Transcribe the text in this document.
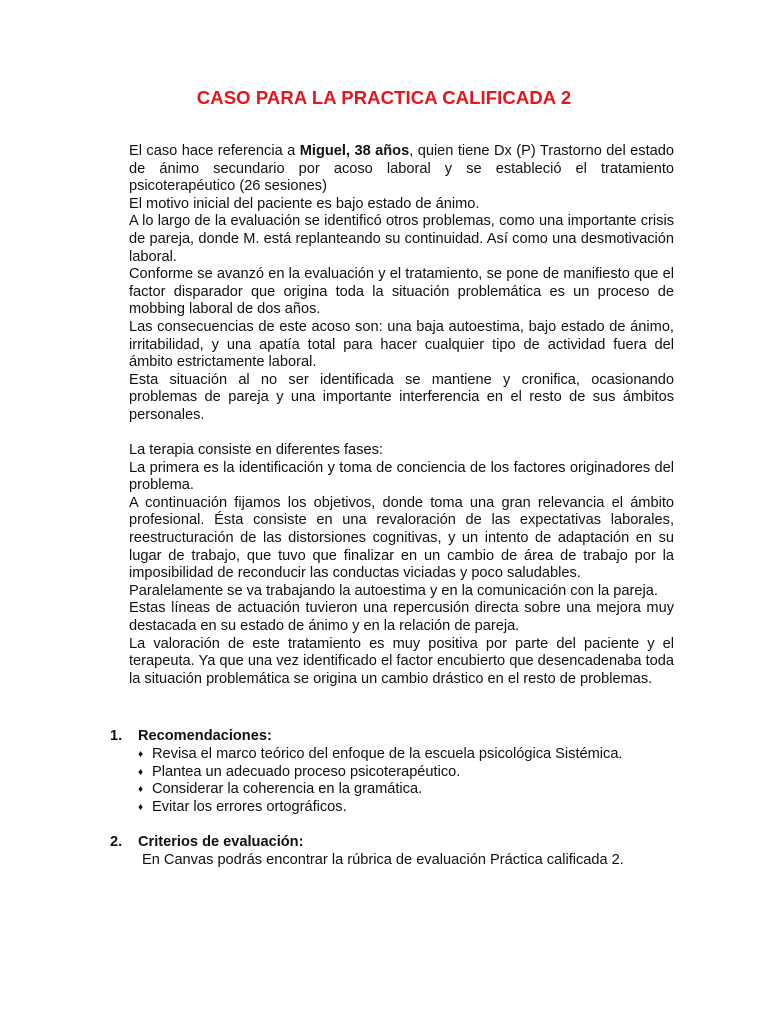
CASO PARA LA PRACTICA CALIFICADA 2

El caso hace referencia a Miguel, 38 años, quien tiene Dx (P) Trastorno del estado de ánimo secundario por acoso laboral y se estableció el tratamiento psicoterapéutico (26 sesiones)

El motivo inicial del paciente es bajo estado de ánimo.

A lo largo de la evaluación se identificó otros problemas, como una importante crisis de pareja, donde M. está replanteando su continuidad. Así como una desmotivación laboral.

Conforme se avanzó en la evaluación y el tratamiento, se pone de manifiesto que el factor disparador que origina toda la situación problemática es un proceso de mobbing laboral de dos años.

Las consecuencias de este acoso son: una baja autoestima, bajo estado de ánimo, irritabilidad, y una apatía total para hacer cualquier tipo de actividad fuera del ámbito estrictamente laboral.

Esta situación al no ser identificada se mantiene y cronifica, ocasionando problemas de pareja y una importante interferencia en el resto de sus ámbitos personales.

La terapia consiste en diferentes fases:

La primera es la identificación y toma de conciencia de los factores originadores del problema.

A continuación fijamos los objetivos, donde toma una gran relevancia el ámbito profesional. Ésta consiste en una revaloración de las expectativas laborales, reestructuración de las distorsiones cognitivas, y un intento de adaptación en su lugar de trabajo, que tuvo que finalizar en un cambio de área de trabajo por la imposibilidad de reconducir las conductas viciadas y poco saludables.

Paralelamente se va trabajando la autoestima y en la comunicación con la pareja.

Estas líneas de actuación tuvieron una repercusión directa sobre una mejora muy destacada en su estado de ánimo y en la relación de pareja.

La valoración de este tratamiento es muy positiva por parte del paciente y el terapeuta. Ya que una vez identificado el factor encubierto que desencadenaba toda la situación problemática se origina un cambio drástico en el resto de problemas.

1. Recomendaciones:
♦ Revisa el marco teórico del enfoque de la escuela psicológica Sistémica.
♦ Plantea un adecuado proceso psicoterapéutico.
♦ Considerar la coherencia en la gramática.
♦ Evitar los errores ortográficos.
2. Criterios de evaluación:
En Canvas podrás encontrar la rúbrica de evaluación Práctica calificada 2.
